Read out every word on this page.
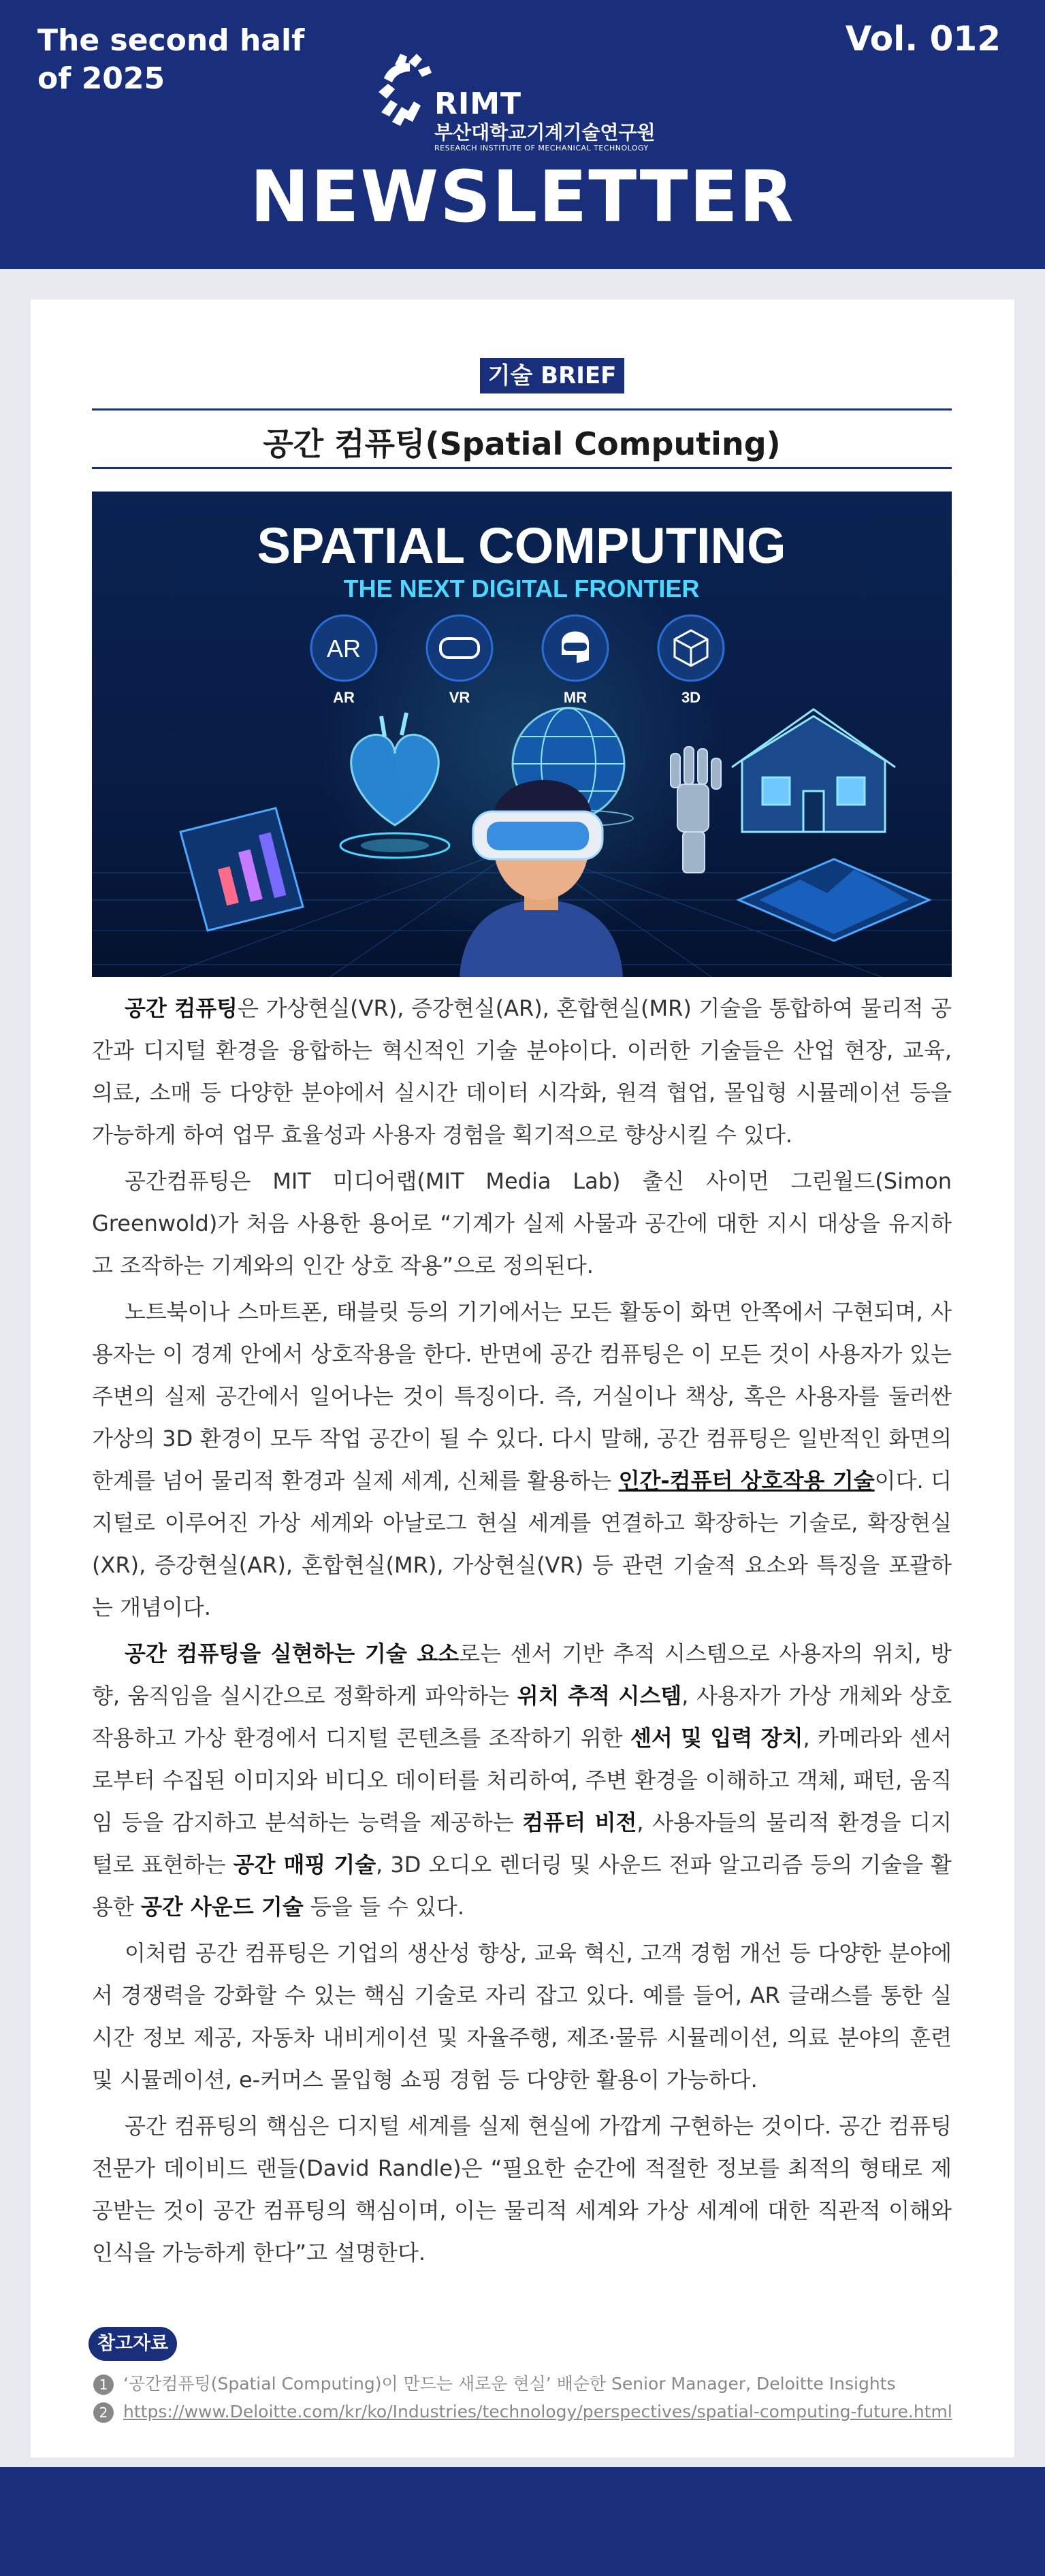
The second half
of 2025
Vol. 012
RIMT
부산대학교기계기술연구원
RESEARCH INSTITUTE OF MECHANICAL TECHNOLOGY
NEWSLETTER
기술 BRIEF
공간 컴퓨팅(Spatial Computing)
SPATIAL COMPUTING
THE NEXT DIGITAL FRONTIER
AR
AR	VR	MR	3D

공간 컴퓨팅은 가상현실(VR), 증강현실(AR), 혼합현실(MR) 기술을 통합하여 물리적 공간과 디지털 환경을 융합하는 혁신적인 기술 분야이다. 이러한 기술들은 산업 현장, 교육, 의료, 소매 등 다양한 분야에서 실시간 데이터 시각화, 원격 협업, 몰입형 시뮬레이션 등을 가능하게 하여 업무 효율성과 사용자 경험을 획기적으로 향상시킬 수 있다.

공간컴퓨팅은 MIT 미디어랩(MIT Media Lab) 출신 사이먼 그린월드(Simon Greenwold)가 처음 사용한 용어로 “기계가 실제 사물과 공간에 대한 지시 대상을 유지하고 조작하는 기계와의 인간 상호 작용”으로 정의된다.

노트북이나 스마트폰, 태블릿 등의 기기에서는 모든 활동이 화면 안쪽에서 구현되며, 사용자는 이 경계 안에서 상호작용을 한다. 반면에 공간 컴퓨팅은 이 모든 것이 사용자가 있는 주변의 실제 공간에서 일어나는 것이 특징이다. 즉, 거실이나 책상, 혹은 사용자를 둘러싼 가상의 3D 환경이 모두 작업 공간이 될 수 있다. 다시 말해, 공간 컴퓨팅은 일반적인 화면의 한계를 넘어 물리적 환경과 실제 세계, 신체를 활용하는 인간-컴퓨터 상호작용 기술이다. 디지털로 이루어진 가상 세계와 아날로그 현실 세계를 연결하고 확장하는 기술로, 확장현실(XR), 증강현실(AR), 혼합현실(MR), 가상현실(VR) 등 관련 기술적 요소와 특징을 포괄하는 개념이다.

공간 컴퓨팅을 실현하는 기술 요소로는 센서 기반 추적 시스템으로 사용자의 위치, 방향, 움직임을 실시간으로 정확하게 파악하는 위치 추적 시스템, 사용자가 가상 개체와 상호작용하고 가상 환경에서 디지털 콘텐츠를 조작하기 위한 센서 및 입력 장치, 카메라와 센서로부터 수집된 이미지와 비디오 데이터를 처리하여, 주변 환경을 이해하고 객체, 패턴, 움직임 등을 감지하고 분석하는 능력을 제공하는 컴퓨터 비전, 사용자들의 물리적 환경을 디지털로 표현하는 공간 매핑 기술, 3D 오디오 렌더링 및 사운드 전파 알고리즘 등의 기술을 활용한 공간 사운드 기술 등을 들 수 있다.

이처럼 공간 컴퓨팅은 기업의 생산성 향상, 교육 혁신, 고객 경험 개선 등 다양한 분야에서 경쟁력을 강화할 수 있는 핵심 기술로 자리 잡고 있다. 예를 들어, AR 글래스를 통한 실시간 정보 제공, 자동차 내비게이션 및 자율주행, 제조·물류 시뮬레이션, 의료 분야의 훈련 및 시뮬레이션, e-커머스 몰입형 쇼핑 경험 등 다양한 활용이 가능하다.

공간 컴퓨팅의 핵심은 디지털 세계를 실제 현실에 가깝게 구현하는 것이다. 공간 컴퓨팅 전문가 데이비드 랜들(David Randle)은 “필요한 순간에 적절한 정보를 최적의 형태로 제공받는 것이 공간 컴퓨팅의 핵심이며, 이는 물리적 세계와 가상 세계에 대한 직관적 이해와 인식을 가능하게 한다”고 설명한다.

참고자료
1 ‘공간컴퓨팅(Spatial Computing)이 만드는 새로운 현실’ 배순한 Senior Manager, Deloitte Insights
2 https://www.Deloitte.com/kr/ko/Industries/technology/perspectives/spatial-computing-future.html
